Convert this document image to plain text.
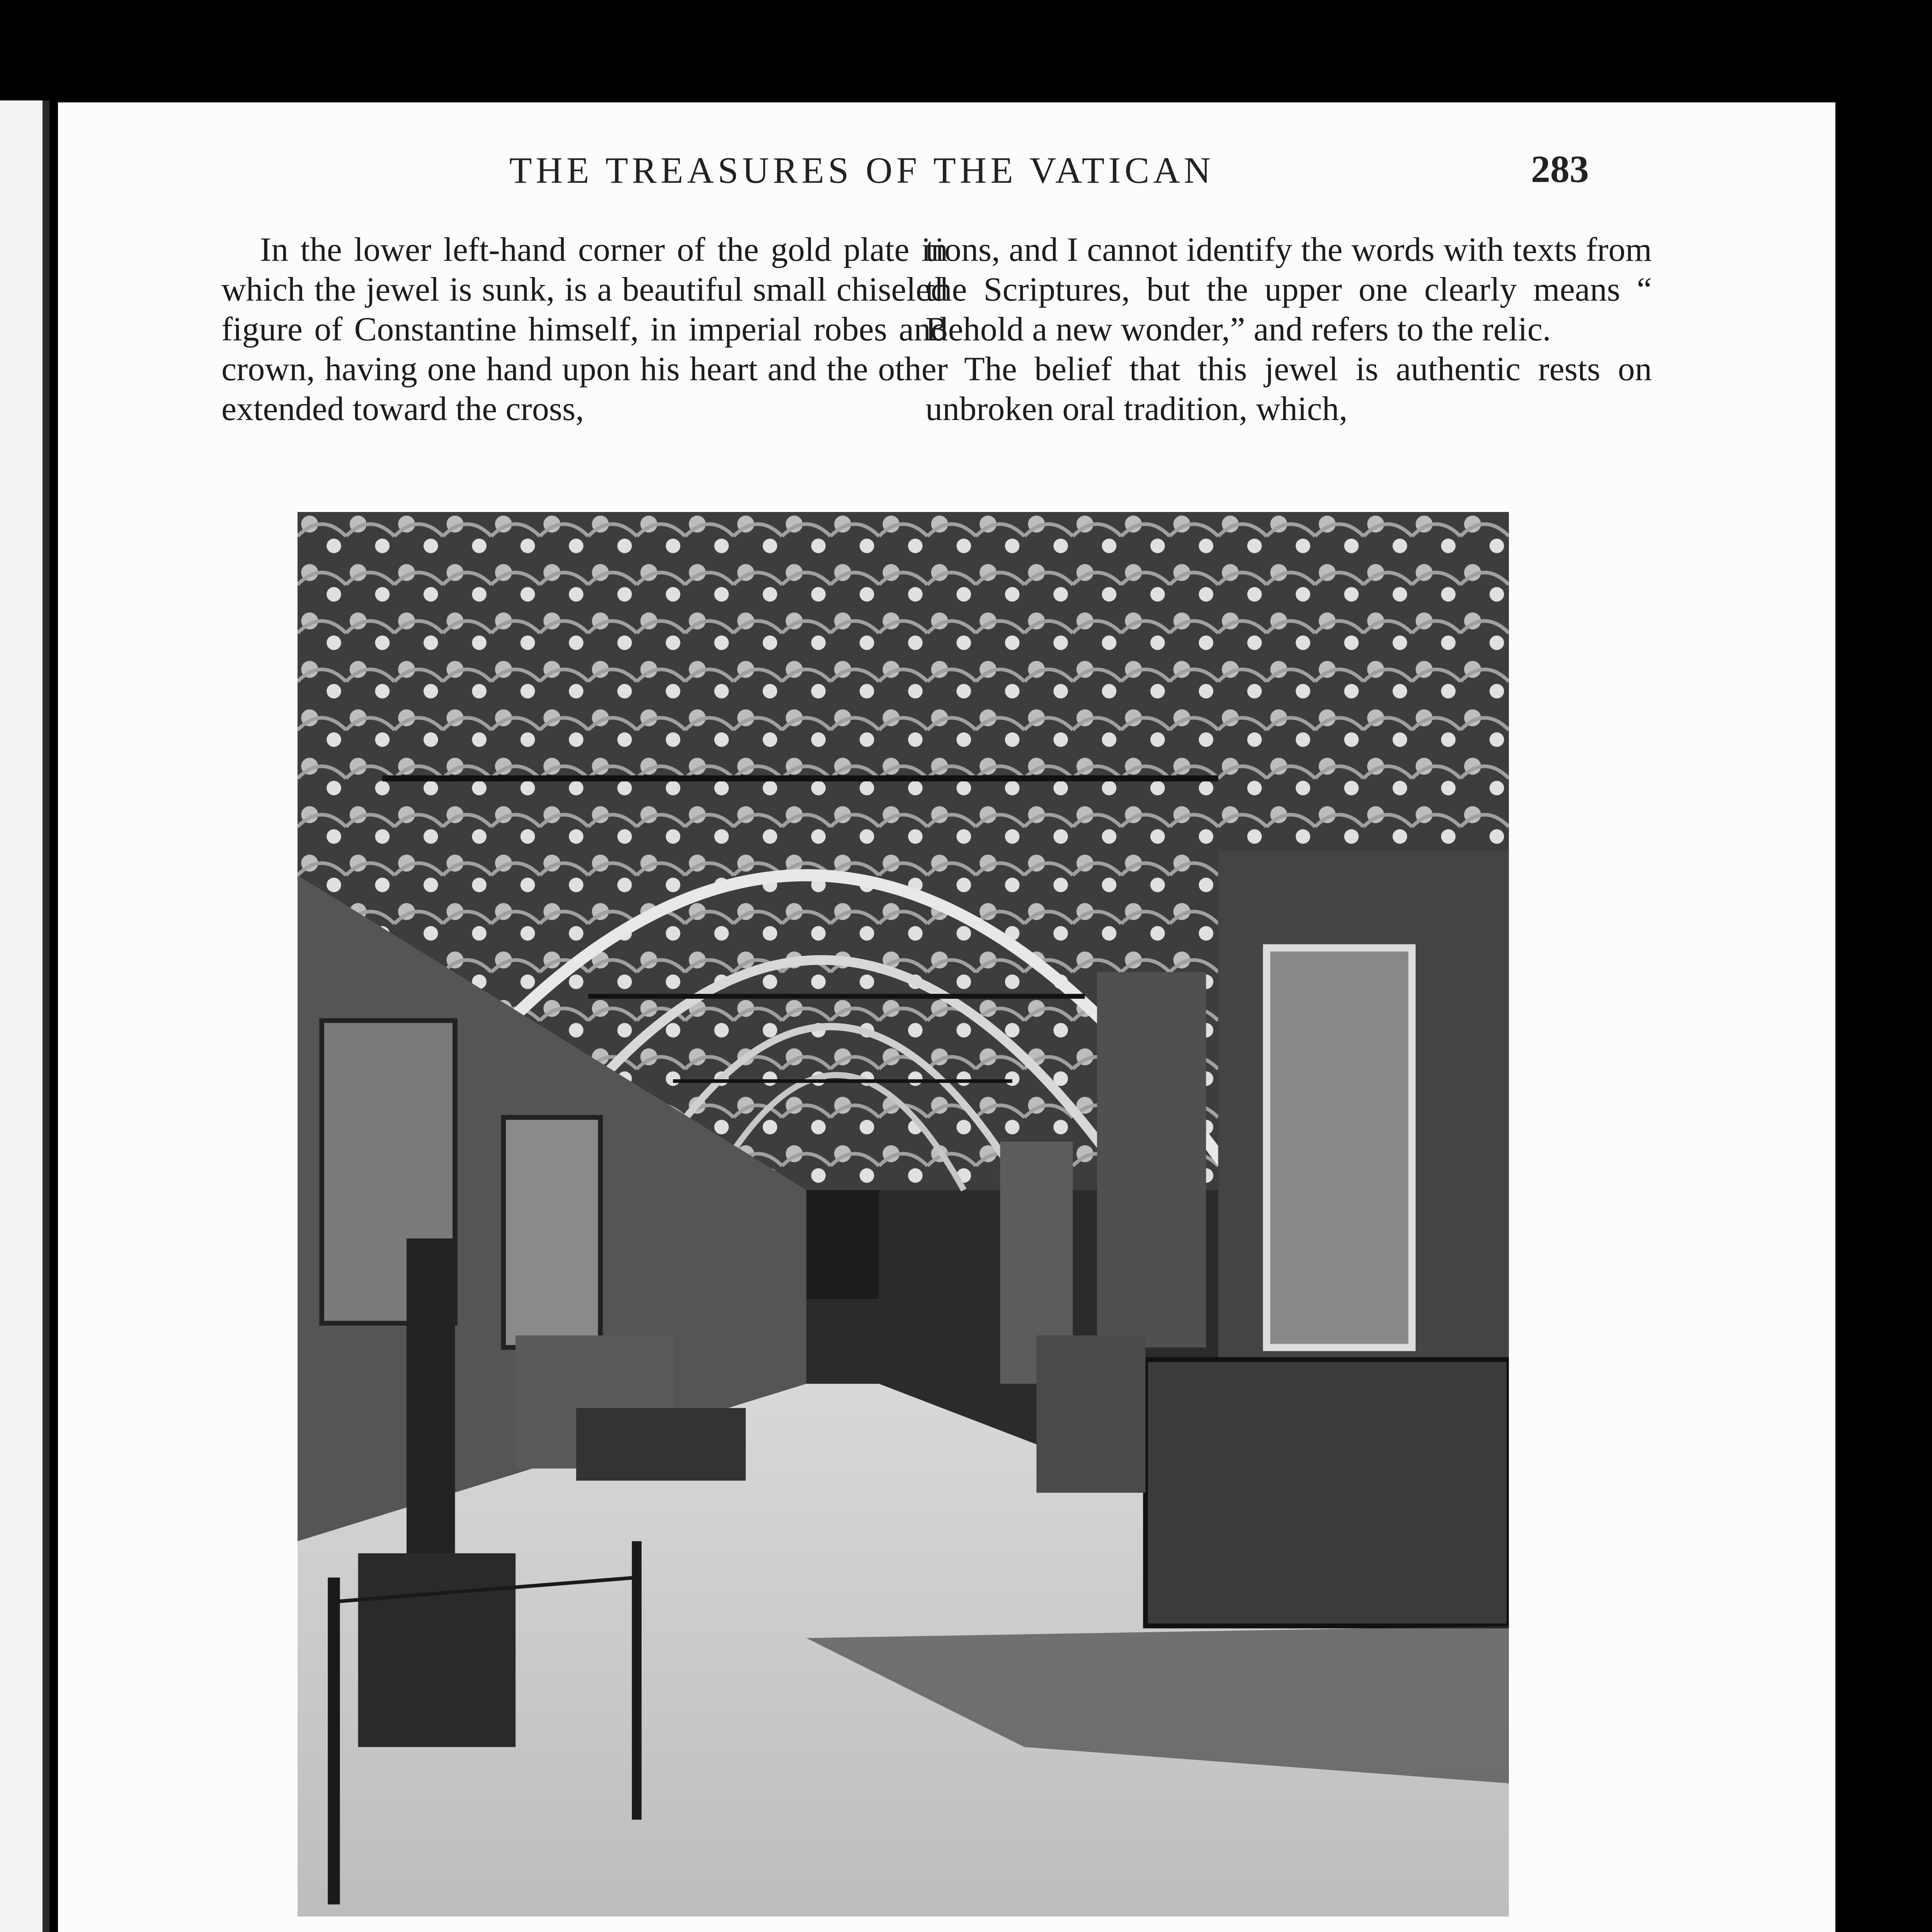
THE TREASURES OF THE VATICAN	283

In the lower left-hand corner of the gold plate in which the jewel is sunk, is a beautiful small chiseled figure of Constantine himself, in imperial robes and crown, having one hand upon his heart and the other extended toward the cross,

tions, and I cannot identify the words with texts from the Scriptures, but the upper one clearly means “ Behold a new wonder,” and refers to the relic.

The belief that this jewel is authentic rests on unbroken oral tradition, which,
